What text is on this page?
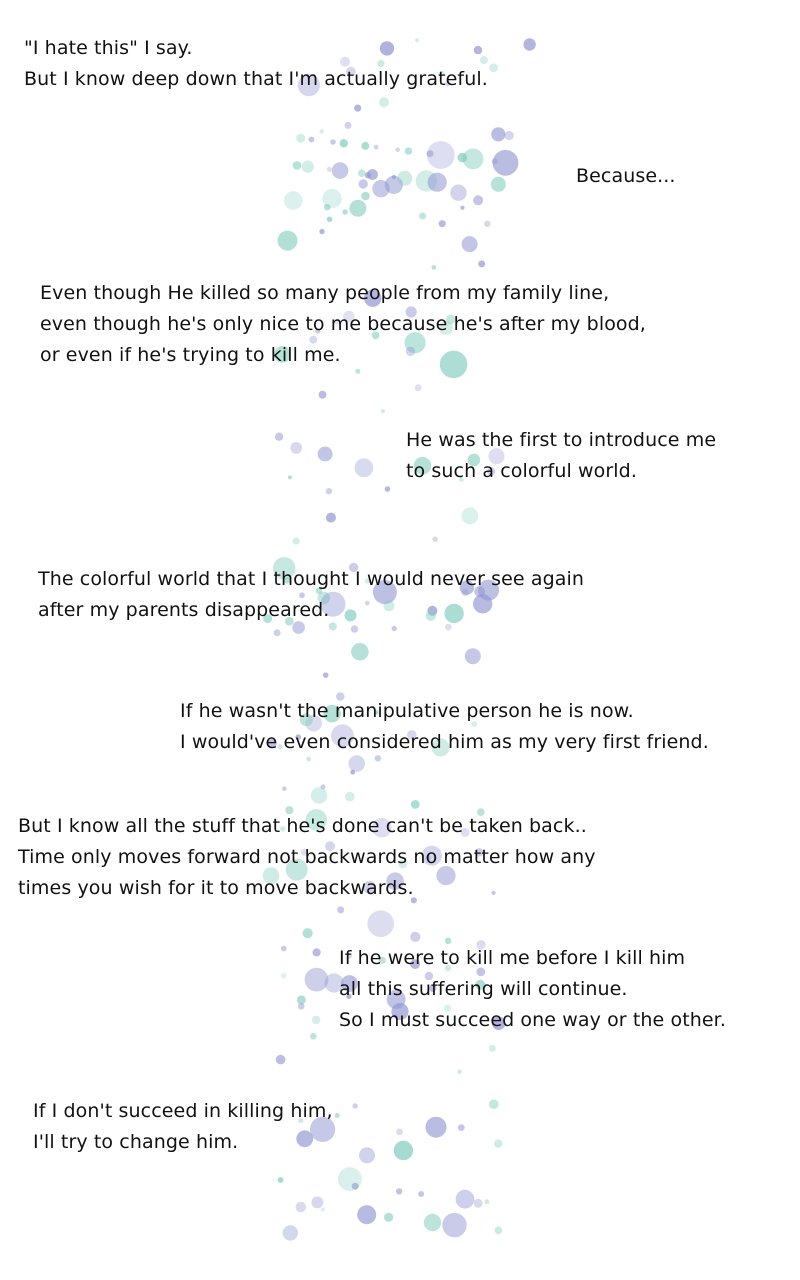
"I hate this" I say.
But I know deep down that I'm actually grateful.
Because...
Even though He killed so many people from my family line,
even though he's only nice to me because he's after my blood,
or even if he's trying to kill me.
He was the first to introduce me
to such a colorful world.
The colorful world that I thought I would never see again
after my parents disappeared.
If he wasn't the manipulative person he is now.
I would've even considered him as my very first friend.
But I know all the stuff that he's done can't be taken back..
Time only moves forward not backwards no matter how any
times you wish for it to move backwards.
If he were to kill me before I kill him
all this suffering will continue.
So I must succeed one way or the other.
If I don't succeed in killing him,
I'll try to change him.
